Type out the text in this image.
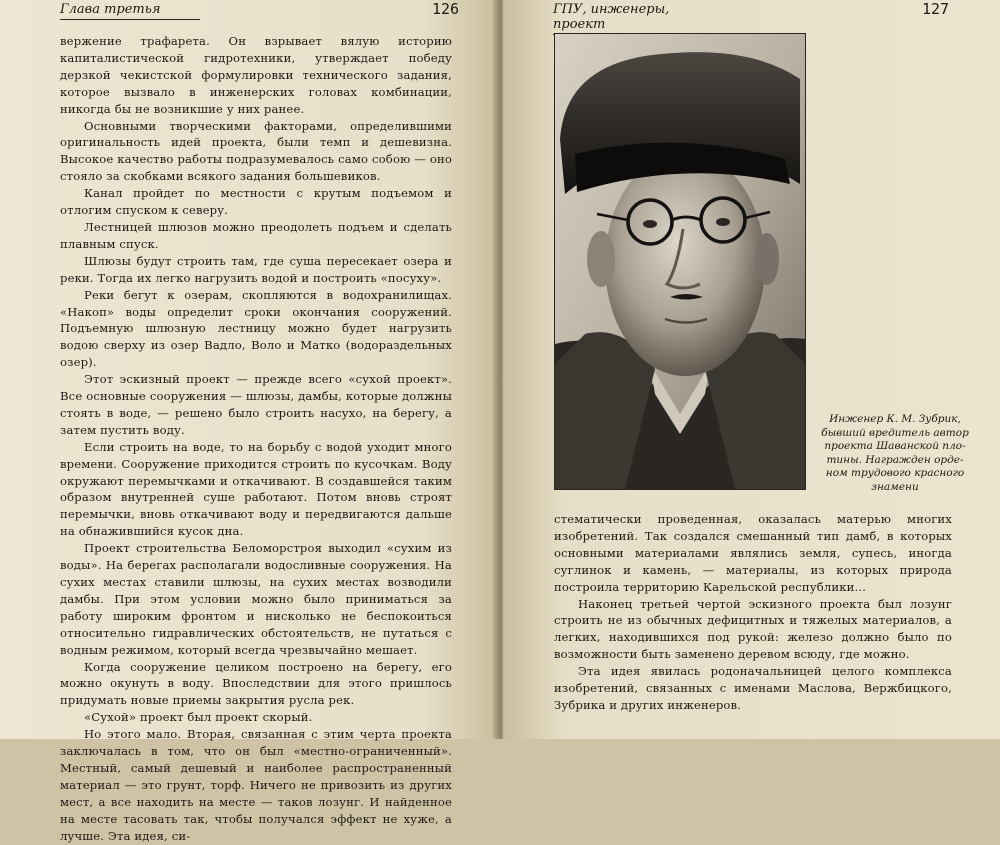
Глава третья	126

вержение трафарета. Он взрывает вялую историю капиталистической гидротехники, утверждает победу дерзкой чекистской формулировки технического задания, которое вызвало в инженерских головах комбинации, никогда бы не возникшие у них ранее.

Основными творческими факторами, определившими оригинальность идей проекта, были темп и дешевизна. Высокое качество работы подразумевалось само собою — оно стояло за скобками всякого задания большевиков.

Канал пройдет по местности с крутым подъемом и отлогим спуском к северу.

Лестницей шлюзов можно преодолеть подъем и сделать плавным спуск.

Шлюзы будут строить там, где суша пересекает озера и реки. Тогда их легко нагрузить водой и построить «посуху».

Реки бегут к озерам, скопляются в водохранилищах. «Накоп» воды определит сроки окончания сооружений. Подъемную шлюзную лестницу можно будет нагрузить водою сверху из озер Вадло, Воло и Матко (водораздельных озер).

Этот эскизный проект — прежде всего «сухой проект». Все основные сооружения — шлюзы, дамбы, которые должны стоять в воде, — решено было строить насухо, на берегу, а затем пустить воду.

Если строить на воде, то на борьбу с водой уходит много времени. Сооружение приходится строить по кусочкам. Воду окружают перемычками и откачивают. В создавшейся таким образом внутренней суше работают. Потом вновь строят перемычки, вновь откачивают воду и передвигаются дальше на обнажившийся кусок дна.

Проект строительства Беломорстроя выходил «сухим из воды». На берегах располагали водосливные сооружения. На сухих местах ставили шлюзы, на сухих местах возводили дамбы. При этом условии можно было приниматься за работу широким фронтом и нисколько не беспокоиться относительно гидравлических обстоятельств, не путаться с водным режимом, который всегда чрезвычайно мешает.

Когда сооружение целиком построено на берегу, его можно окунуть в воду. Впоследствии для этого пришлось придумать новые приемы закрытия русла рек.

«Сухой» проект был проект скорый.

Но этого мало. Вторая, связанная с этим черта проекта заключалась в том, что он был «местно-ограниченный». Местный, самый дешевый и наиболее распространенный материал — это грунт, торф. Ничего не привозить из других мест, а все находить на месте — таков лозунг. И найденное на месте тасовать так, чтобы получался эффект не хуже, а лучше. Эта идея, си-

ГПУ, инженеры, проект
127
Инженер К. М. Зубрик,
бывший вредитель автор
проекта Шаванской пло-
тины. Награжден орде-
ном трудового красного
знамени

стематически проведенная, оказалась матерью многих изобретений. Так создался смешанный тип дамб, в которых основными материалами являлись земля, супесь, иногда суглинок и камень, — материалы, из которых природа построила территорию Карельской республики...

Наконец третьей чертой эскизного проекта был лозунг строить не из обычных дефицитных и тяжелых материалов, а легких, находившихся под рукой: железо должно было по возможности быть заменено деревом всюду, где можно.

Эта идея явилась родоначальницей целого комплекса изобретений, связанных с именами Маслова, Вержбицкого, Зубрика и других инженеров.
